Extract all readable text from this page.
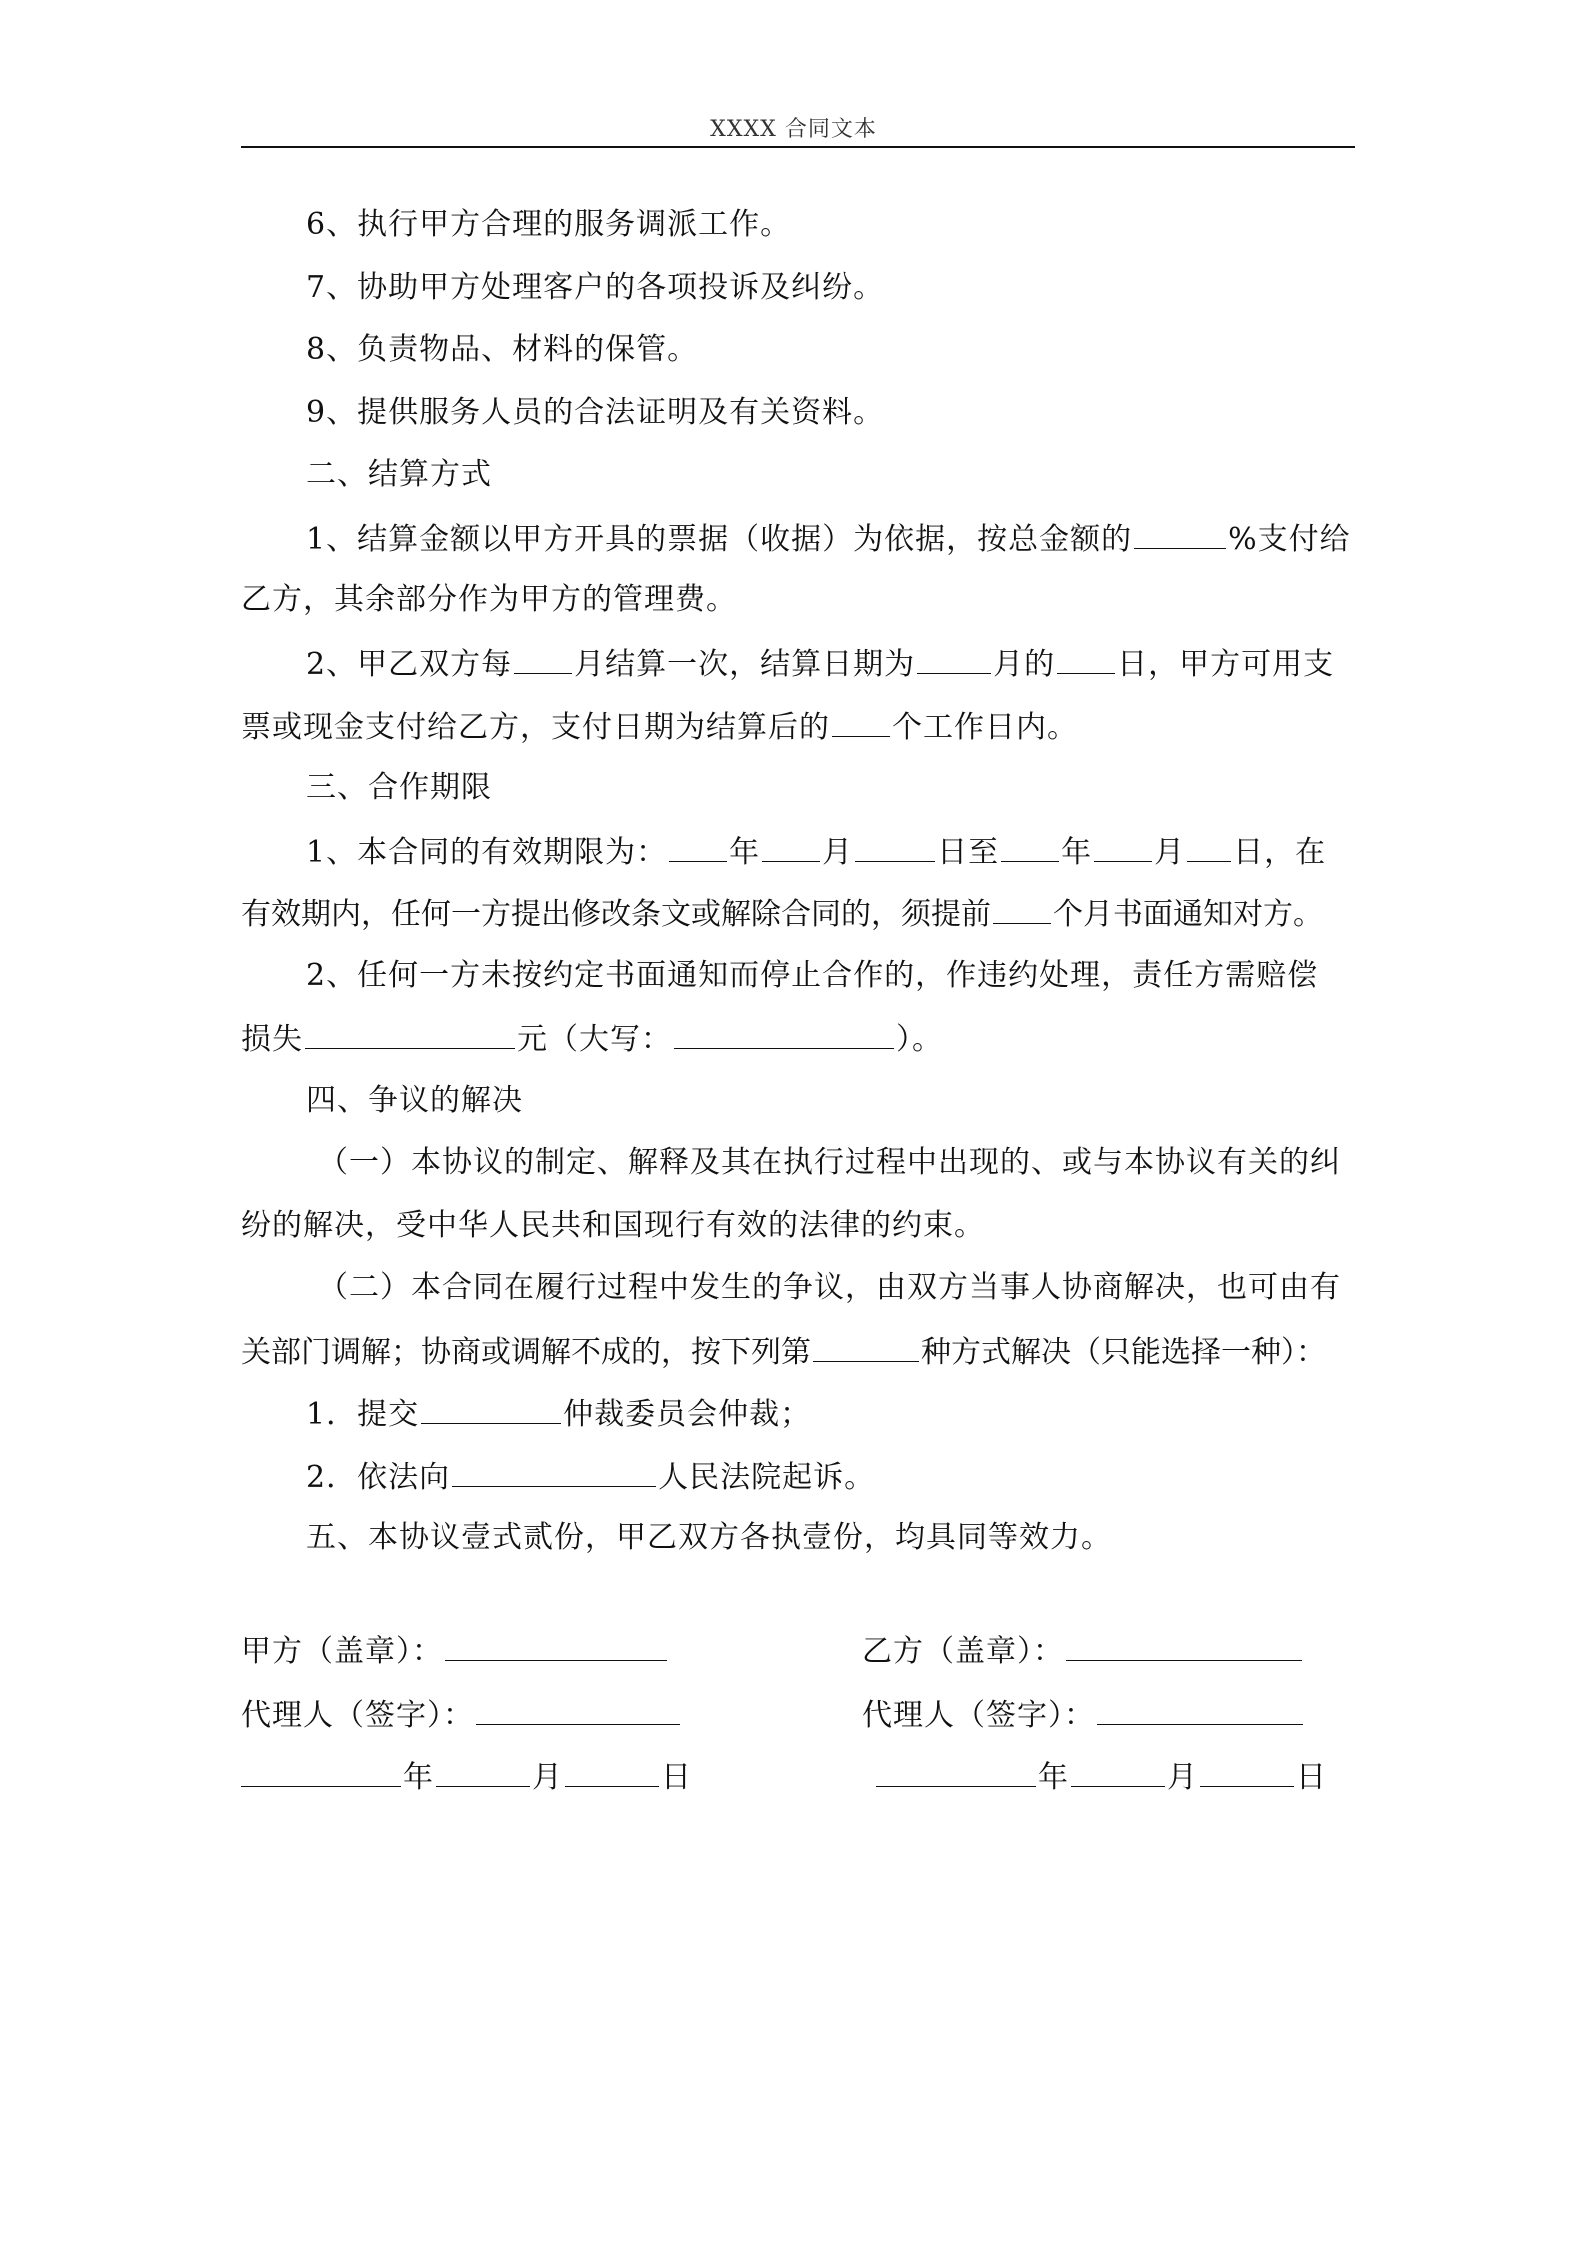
XXXX 合同文本
6、执行甲方合理的服务调派工作。
7、协助甲方处理客户的各项投诉及纠纷。
8、负责物品、材料的保管。
9、提供服务人员的合法证明及有关资料。
二、结算方式
1、结算金额以甲方开具的票据（收据）为依据，按总金额的	%支付给
乙方，其余部分作为甲方的管理费。
2、甲乙双方每 月结算一次，结算日期为	月的 日，甲方可用支
票或现金支付给乙方，支付日期为结算后的 个工作日内。
三、合作期限
1、本合同的有效期限为： 年 月	日至 年 月 日，在
有效期内，任何一方提出修改条文或解除合同的，须提前 个月书面通知对方。
2、任何一方未按约定书面通知而停止合作的，作违约处理，责任方需赔偿
损失	元（大写：	）。
四、争议的解决
（一）本协议的制定、解释及其在执行过程中出现的、或与本协议有关的纠
纷的解决，受中华人民共和国现行有效的法律的约束。
（二）本合同在履行过程中发生的争议，由双方当事人协商解决，也可由有
关部门调解；协商或调解不成的，按下列第	种方式解决（只能选择一种）：
1．提交	仲裁委员会仲裁；
2．依法向	人民法院起诉。
五、本协议壹式贰份，甲乙双方各执壹份，均具同等效力。
甲方（盖章）：
代理人（签字）：
年	月	日
乙方（盖章）：
代理人（签字）：
年	月	日
